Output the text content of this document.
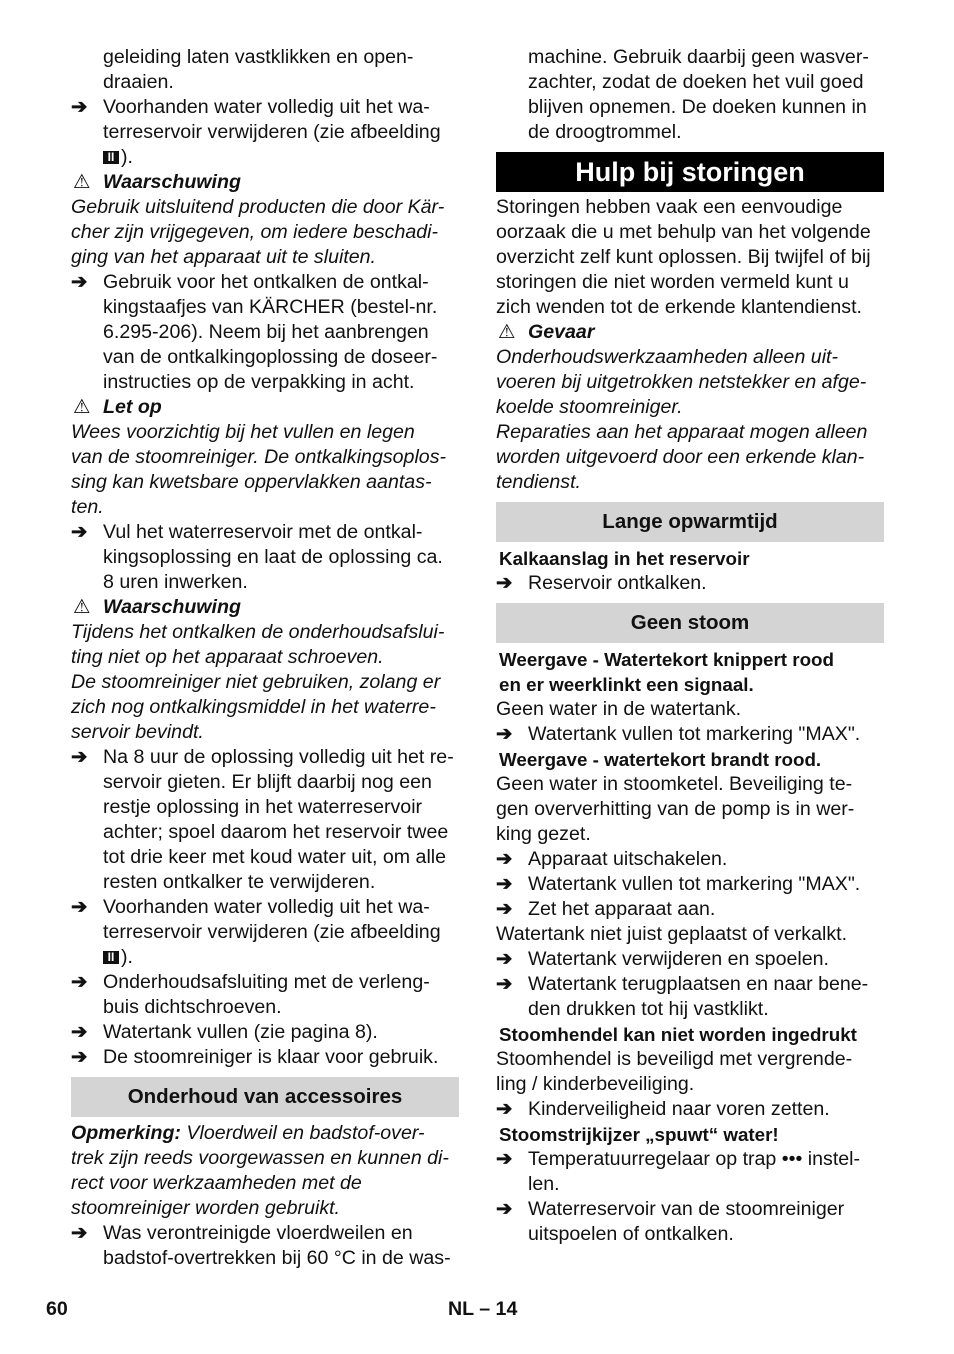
geleiding laten vastklikken en open-

draaien.

➔ Voorhanden water volledig uit het wa-

terreservoir verwijderen (zie afbeelding

II ).

⚠ Waarschuwing

Gebruik uitsluitend producten die door Kär-

cher zijn vrijgegeven, om iedere beschadi-

ging van het apparaat uit te sluiten.

➔ Gebruik voor het ontkalken de ontkal-

kingstaafjes van KÄRCHER (bestel-nr.

6.295-206). Neem bij het aanbrengen

van de ontkalkingoplossing de doseer-

instructies op de verpakking in acht.

⚠ Let op

Wees voorzichtig bij het vullen en legen

van de stoomreiniger. De ontkalkingsoplos-

sing kan kwetsbare oppervlakken aantas-

ten.

➔ Vul het waterreservoir met de ontkal-

kingsoplossing en laat de oplossing ca.

8 uren inwerken.

⚠ Waarschuwing

Tijdens het ontkalken de onderhoudsafslui-

ting niet op het apparaat schroeven.

De stoomreiniger niet gebruiken, zolang er

zich nog ontkalkingsmiddel in het waterre-

servoir bevindt.

➔ Na 8 uur de oplossing volledig uit het re-

servoir gieten. Er blijft daarbij nog een

restje oplossing in het waterreservoir

achter; spoel daarom het reservoir twee

tot drie keer met koud water uit, om alle

resten ontkalker te verwijderen.

➔ Voorhanden water volledig uit het wa-

terreservoir verwijderen (zie afbeelding

II ).

➔ Onderhoudsafsluiting met de verleng-

buis dichtschroeven.

➔ Watertank vullen (zie pagina 8).

➔ De stoomreiniger is klaar voor gebruik.

Onderhoud van accessoires

Opmerking: Vloerdweil en badstof-over-

trek zijn reeds voorgewassen en kunnen di-

rect voor werkzaamheden met de

stoomreiniger worden gebruikt.

➔ Was verontreinigde vloerdweilen en

badstof-overtrekken bij 60 °C in de was-

machine. Gebruik daarbij geen wasver-

zachter, zodat de doeken het vuil goed

blijven opnemen. De doeken kunnen in

de droogtrommel.

Hulp bij storingen

Storingen hebben vaak een eenvoudige

oorzaak die u met behulp van het volgende

overzicht zelf kunt oplossen. Bij twijfel of bij

storingen die niet worden vermeld kunt u

zich wenden tot de erkende klantendienst.

⚠ Gevaar

Onderhoudswerkzaamheden alleen uit-

voeren bij uitgetrokken netstekker en afge-

koelde stoomreiniger.

Reparaties aan het apparaat mogen alleen

worden uitgevoerd door een erkende klan-

tendienst.

Lange opwarmtijd

Kalkaanslag in het reservoir

➔ Reservoir ontkalken.

Geen stoom

Weergave - Watertekort knippert rood

en er weerklinkt een signaal.

Geen water in de watertank.

➔ Watertank vullen tot markering "MAX".

Weergave - watertekort brandt rood.

Geen water in stoomketel. Beveiliging te-

gen oververhitting van de pomp is in wer-

king gezet.

➔ Apparaat uitschakelen.

➔ Watertank vullen tot markering "MAX".

➔ Zet het apparaat aan.

Watertank niet juist geplaatst of verkalkt.

➔ Watertank verwijderen en spoelen.

➔ Watertank terugplaatsen en naar bene-

den drukken tot hij vastklikt.

Stoomhendel kan niet worden ingedrukt

Stoomhendel is beveiligd met vergrende-

ling / kinderbeveiliging.

➔ Kinderveiligheid naar voren zetten.

Stoomstrijkijzer „spuwt“ water!

➔ Temperatuurregelaar op trap ••• instel-

len.

➔ Waterreservoir van de stoomreiniger

uitspoelen of ontkalken.

60	NL – 14
